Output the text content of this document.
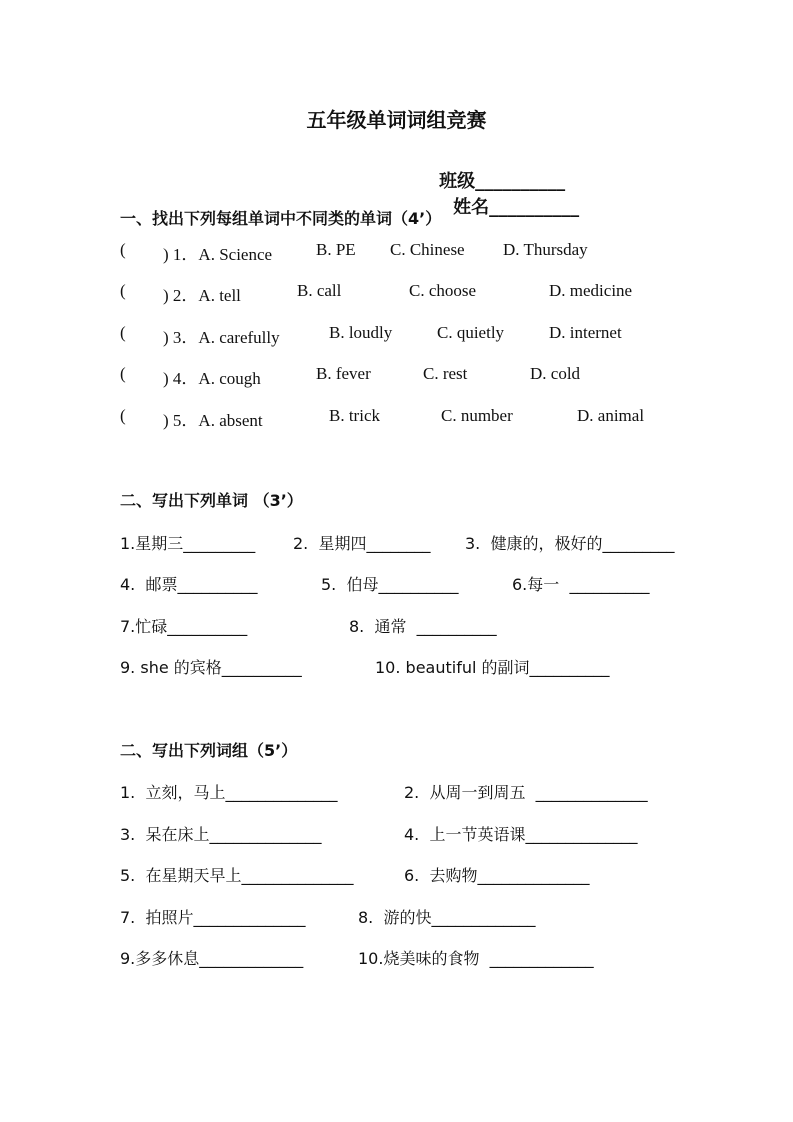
五年级单词词组竞赛

班级__________
姓名__________

一、找出下列每组单词中不同类的单词（4’）
( ) 1．A. Science	B. PE C. Chinese D. Thursday
( ) 2．A. tell	B. call	C. choose	D. medicine
( ) 3．A. carefully	B. loudly	C. quietly	D. internet
( ) 4．A. cough	B. fever	C. rest	D. cold
( ) 5．A. absent	B. trick	C. number	D. animal
二、写出下列单词 （3’）
1.星期三_________ 2.  星期四________ 3.  健康的，极好的_________
4.  邮票__________	5.  伯母__________	6.每一  __________
7.忙碌__________	8.  通常  __________
9. she 的宾格__________	10. beautiful 的副词__________
二、写出下列词组（5’）
1.  立刻，马上______________	2.  从周一到周五  ______________
3.  呆在床上______________	4.  上一节英语课______________
5.  在星期天早上______________	6.  去购物______________
7.  拍照片______________	8.  游的快_____________
9.多多休息_____________	10.烧美味的食物  _____________
